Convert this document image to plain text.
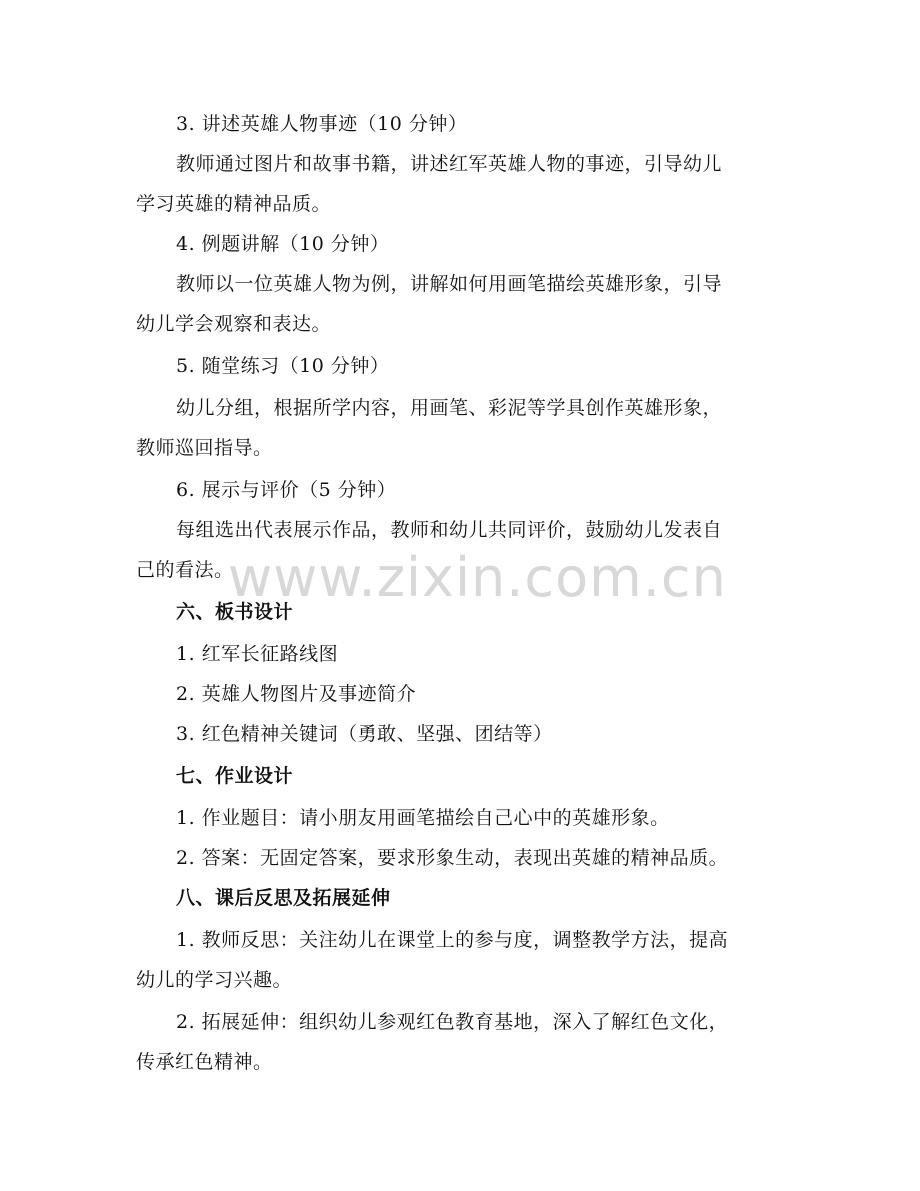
3. 讲述英雄人物事迹（10 分钟）
教师通过图片和故事书籍，讲述红军英雄人物的事迹，引导幼儿
学习英雄的精神品质。
4. 例题讲解（10 分钟）
教师以一位英雄人物为例，讲解如何用画笔描绘英雄形象，引导
幼儿学会观察和表达。
5. 随堂练习（10 分钟）
幼儿分组，根据所学内容，用画笔、彩泥等学具创作英雄形象，
教师巡回指导。
6. 展示与评价（5 分钟）
每组选出代表展示作品，教师和幼儿共同评价，鼓励幼儿发表自
己的看法。
六、板书设计
1. 红军长征路线图
2. 英雄人物图片及事迹简介
3. 红色精神关键词（勇敢、坚强、团结等）
七、作业设计
1. 作业题目：请小朋友用画笔描绘自己心中的英雄形象。
2. 答案：无固定答案，要求形象生动，表现出英雄的精神品质。
八、课后反思及拓展延伸
1. 教师反思：关注幼儿在课堂上的参与度，调整教学方法，提高
幼儿的学习兴趣。
2. 拓展延伸：组织幼儿参观红色教育基地，深入了解红色文化，
传承红色精神。
www.zixin.com.cn
